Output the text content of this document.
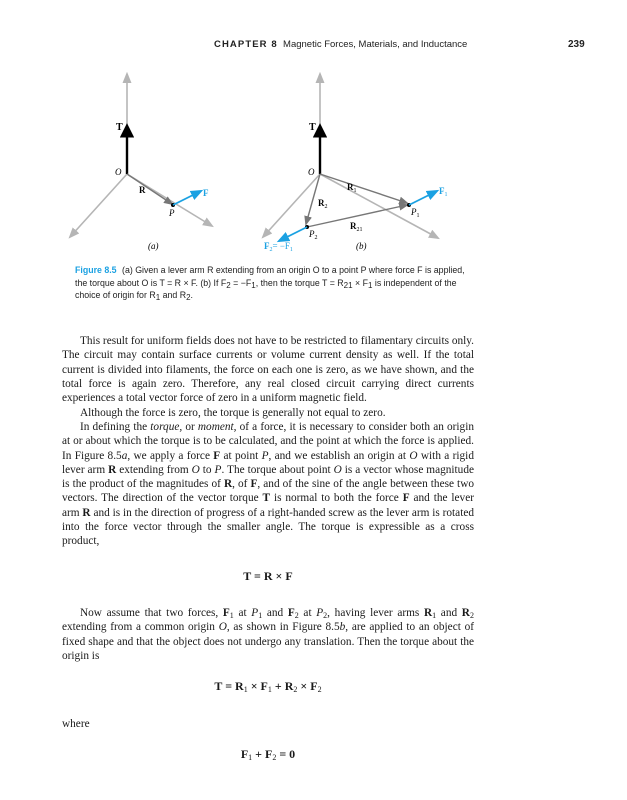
CHAPTER 8 Magnetic Forces, Materials, and Inductance	239
T
O
R	F
P
(a)
T
O
$R_1$
$R_2$
$R_{21}$
$F_1$
$P_1$
$P_2$
$F_2= -F_1$	(b)
Figure 8.5 (a) Given a lever arm R extending from an origin O to a point P where force F is applied, the torque about O is T = R × F. (b) If $F_2 = -F_1$, then the torque $T = R_{21} \times F_1$ is independent of the choice of origin for $R_1$ and $R_2$.
This result for uniform fields does not have to be restricted to filamentary circuits only. The circuit may contain surface currents or volume current density as well. If the total current is divided into filaments, the force on each one is zero, as we have shown, and the total force is again zero. Therefore, any real closed circuit carrying direct currents experiences a total vector force of zero in a uniform magnetic field.
Although the force is zero, the torque is generally not equal to zero.
In defining the torque, or moment, of a force, it is necessary to consider both an origin at or about which the torque is to be calculated, and the point at which the force is applied. In Figure 8.5a, we apply a force F at point P, and we establish an origin at O with a rigid lever arm R extending from O to P. The torque about point O is a vector whose magnitude is the product of the magnitudes of R, of F, and of the sine of the angle between these two vectors. The direction of the vector torque T is normal to both the force F and the lever arm R and is in the direction of progress of a right-handed screw as the lever arm is rotated into the force vector through the smaller angle. The torque is expressible as a cross product,
T = R × F
Now assume that two forces, $F_1$ at $P_1$ and $F_2$ at $P_2$, having lever arms $R_1$ and $R_2$ extending from a common origin O, as shown in Figure 8.5b, are applied to an object of fixed shape and that the object does not undergo any translation. Then the torque about the origin is
$T = R_1 \times F_1 + R_2 \times F_2$
where
$F_1 + F_2 = 0$
